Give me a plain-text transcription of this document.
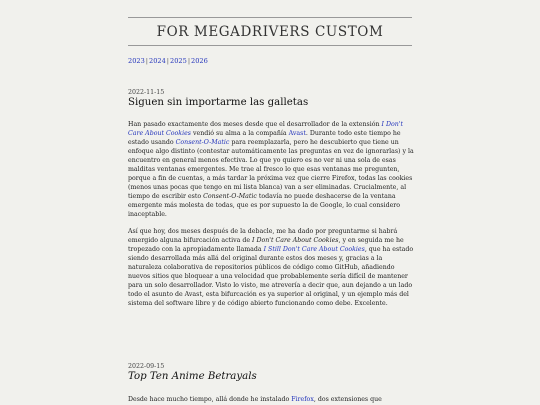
FOR MEGADRIVERS CUSTOM
2023|2024|2025|2026
2022-11-15
Siguen sin importarme las galletas

Han pasado exactamente dos meses desde que el desarrollador de la extensión I Don't Care About Cookies vendió su alma a la compañía Avast. Durante todo este tiempo he estado usando Consent-O-Matic para reemplazarla, pero he descubierto que tiene un enfoque algo distinto (contestar automáticamente las preguntas en vez de ignorarlas) y la encuentro en general menos efectiva. Lo que yo quiero es no ver ni una sola de esas malditas ventanas emergentes. Me trae al fresco lo que esas ventanas me pregunten, porque a fin de cuentas, a más tardar la próxima vez que cierre Firefox, todas las cookies (menos unas pocas que tengo en mi lista blanca) van a ser eliminadas. Crucialmente, al tiempo de escribir esto Consent-O-Matic todavía no puede deshacerse de la ventana emergente más molesta de todas, que es por supuesto la de Google, lo cual considero inaceptable.

Así que hoy, dos meses después de la debacle, me ha dado por preguntarme si habrá emergido alguna bifurcación activa de I Don't Care About Cookies, y en seguida me he tropezado con la apropiadamente llamada I Still Don't Care About Cookies, que ha estado siendo desarrollada más allá del original durante estos dos meses y, gracias a la naturaleza colaborativa de repositorios públicos de código como GitHub, añadiendo nuevos sitios que bloquear a una velocidad que probablemente sería difícil de mantener para un solo desarrollador. Visto lo visto, me atrevería a decir que, aun dejando a un lado todo el asunto de Avast, esta bifurcación es ya superior al original, y un ejemplo más del sistema del software libre y de código abierto funcionando como debe. Excelente.

2022-09-15
Top Ten Anime Betrayals

Desde hace mucho tiempo, allá donde he instalado Firefox, dos extensiones que
